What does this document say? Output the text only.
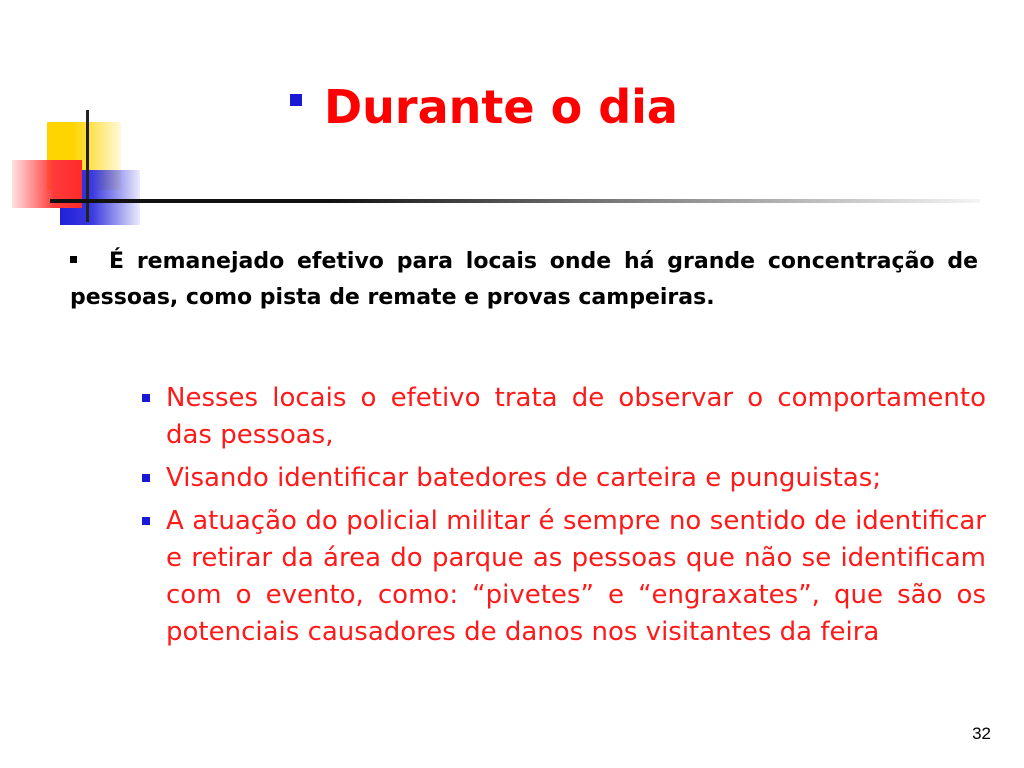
Durante o dia
É remanejado efetivo para locais onde há grande concentração de pessoas, como pista de remate e provas campeiras.
Nesses locais o efetivo trata de observar o comportamento das pessoas,
Visando identificar batedores de carteira e punguistas;
A atuação do policial militar é sempre no sentido de identificar e retirar da área do parque as pessoas que não se identificam com o evento, como: “pivetes” e “engraxates”, que são os potenciais causadores de danos nos visitantes da feira
32
